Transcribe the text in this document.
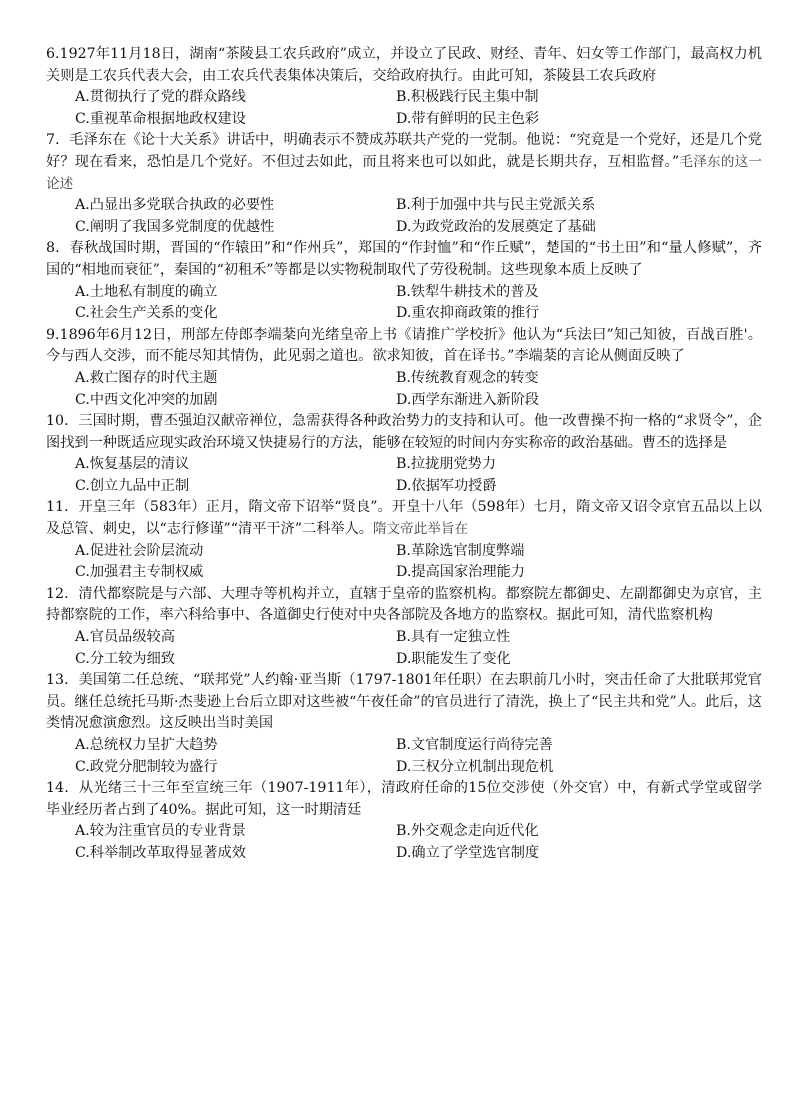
6.1927年11月18日，湖南“茶陵县工农兵政府”成立，并设立了民政、财经、青年、妇女等工作部门，最高权力机关则是工农兵代表大会，由工农兵代表集体决策后，交给政府执行。由此可知，茶陵县工农兵政府

A.贯彻执行了党的群众路线	B.积极践行民主集中制
C.重视革命根据地政权建设	D.带有鲜明的民主色彩

7．毛泽东在《论十大关系》讲话中，明确表示不赞成苏联共产党的一党制。他说：“究竟是一个党好，还是几个党好？现在看来，恐怕是几个党好。不但过去如此，而且将来也可以如此，就是长期共存，互相监督。”毛泽东的这一论述

A.凸显出多党联合执政的必要性	B.利于加强中共与民主党派关系
C.阐明了我国多党制度的优越性	D.为政党政治的发展奠定了基础

8．春秋战国时期，晋国的“作辕田”和“作州兵”，郑国的“作封恤”和“作丘赋”，楚国的“书土田”和“量人修赋”，齐国的“相地而衰征”，秦国的“初租禾”等都是以实物税制取代了劳役税制。这些现象本质上反映了

A.土地私有制度的确立	B.铁犁牛耕技术的普及
C.社会生产关系的变化	D.重农抑商政策的推行

9.1896年6月12日，刑部左侍郎李端棻向光绪皇帝上书《请推广学校折》他认为“兵法曰”知己知彼，百战百胜'。今与西人交涉，而不能尽知其情伪，此见弱之道也。欲求知彼，首在译书。”李端棻的言论从侧面反映了

A.救亡图存的时代主题	B.传统教育观念的转变
C.中西文化冲突的加剧	D.西学东渐进入新阶段

10．三国时期，曹丕强迫汉献帝禅位，急需获得各种政治势力的支持和认可。他一改曹操不拘一格的“求贤令”，企图找到一种既适应现实政治环境又快捷易行的方法，能够在较短的时间内夯实称帝的政治基础。曹丕的选择是

A.恢复基层的清议	B.拉拢朋党势力
C.创立九品中正制	D.依据军功授爵

11．开皇三年（583年）正月，隋文帝下诏举“贤良”。开皇十八年（598年）七月，隋文帝又诏令京官五品以上以及总管、刺史，以“志行修谨”“清平干济”二科举人。隋文帝此举旨在

A.促进社会阶层流动	B.革除选官制度弊端
C.加强君主专制权威	D.提高国家治理能力

12．清代都察院是与六部、大理寺等机构并立，直辖于皇帝的监察机构。都察院左都御史、左副都御史为京官，主持都察院的工作，率六科给事中、各道御史行使对中央各部院及各地方的监察权。据此可知，清代监察机构

A.官员品级较高	B.具有一定独立性
C.分工较为细致	D.职能发生了变化

13．美国第二任总统、“联邦党”人约翰·亚当斯（1797-1801年任职）在去职前几小时，突击任命了大批联邦党官员。继任总统托马斯·杰斐逊上台后立即对这些被“午夜任命”的官员进行了清洗，换上了“民主共和党”人。此后，这类情况愈演愈烈。这反映出当时美国

A.总统权力呈扩大趋势	B.文官制度运行尚待完善
C.政党分肥制较为盛行	D.三权分立机制出现危机

14．从光绪三十三年至宣统三年（1907-1911年），清政府任命的15位交涉使（外交官）中，有新式学堂或留学毕业经历者占到了40%。据此可知，这一时期清廷

A.较为注重官员的专业背景	B.外交观念走向近代化
C.科举制改革取得显著成效	D.确立了学堂选官制度
